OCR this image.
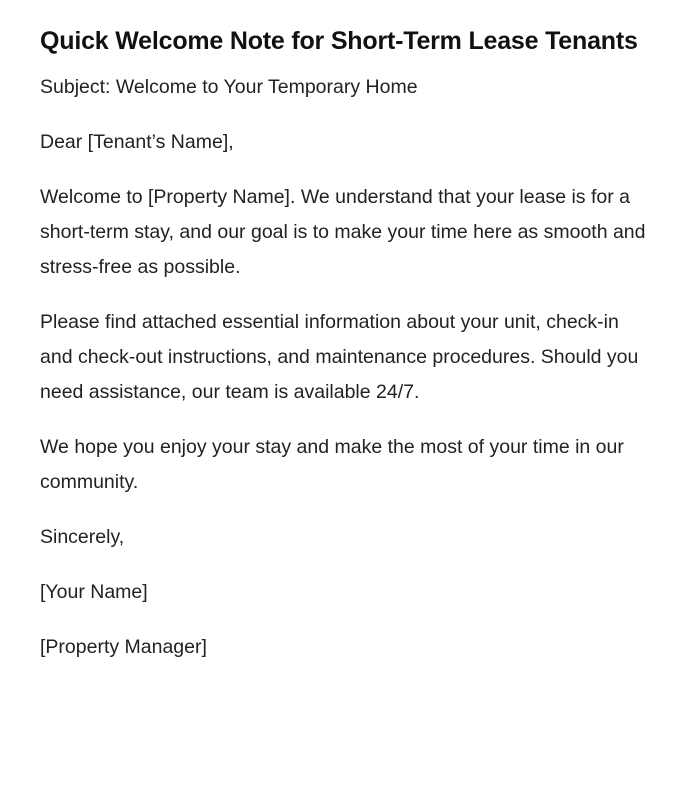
Quick Welcome Note for Short-Term Lease Tenants

Subject: Welcome to Your Temporary Home

Dear [Tenant’s Name],

Welcome to [Property Name]. We understand that your lease is for a short-term stay, and our goal is to make your time here as smooth and stress-free as possible.

Please find attached essential information about your unit, check-in and check-out instructions, and maintenance procedures. Should you need assistance, our team is available 24/7.

We hope you enjoy your stay and make the most of your time in our community.

Sincerely,

[Your Name]

[Property Manager]
